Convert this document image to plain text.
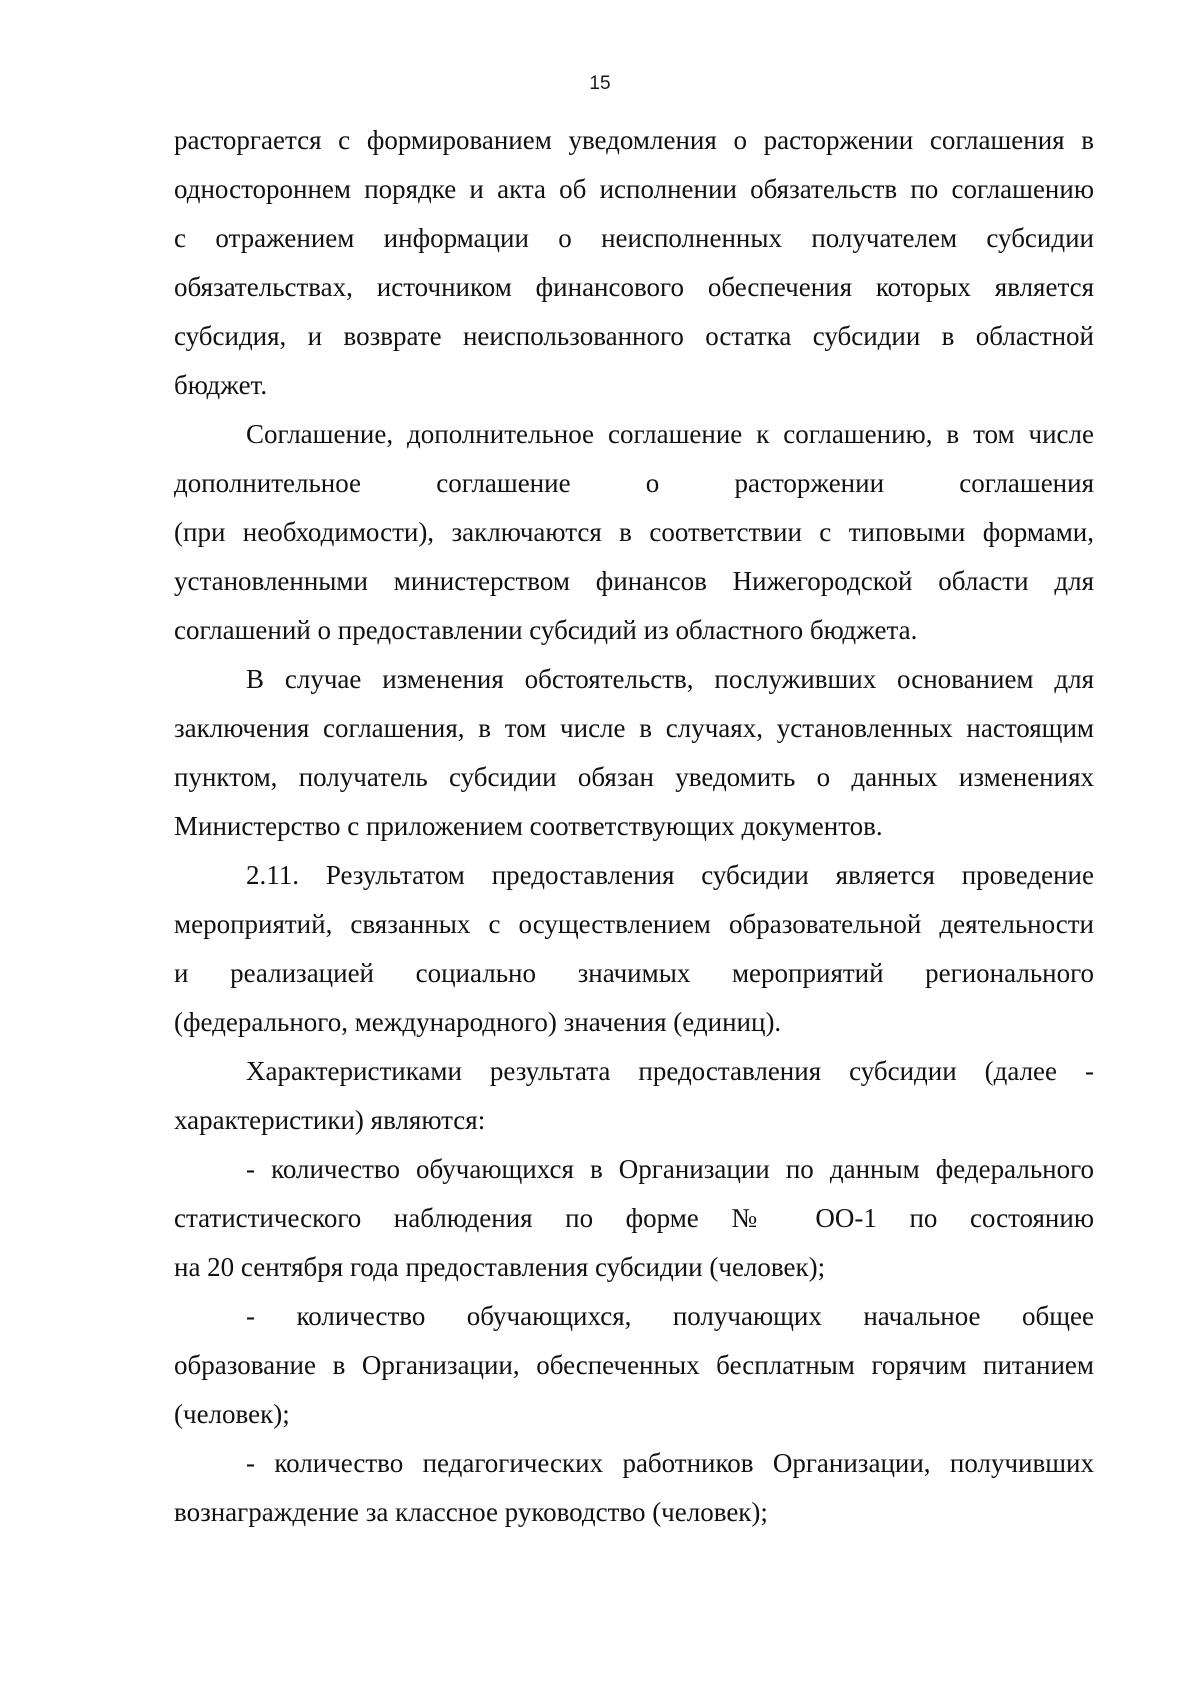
15
расторгается с формированием уведомления о расторжении соглашения в
одностороннем порядке и акта об исполнении обязательств по соглашению
с отражением информации о неисполненных получателем субсидии
обязательствах, источником финансового обеспечения которых является
субсидия, и возврате неиспользованного остатка субсидии в областной
бюджет.
Соглашение, дополнительное соглашение к соглашению, в том числе
дополнительное соглашение о расторжении соглашения
(при необходимости), заключаются в соответствии с типовыми формами,
установленными министерством финансов Нижегородской области для
соглашений о предоставлении субсидий из областного бюджета.
В случае изменения обстоятельств, послуживших основанием для
заключения соглашения, в том числе в случаях, установленных настоящим
пунктом, получатель субсидии обязан уведомить о данных изменениях
Министерство с приложением соответствующих документов.
2.11. Результатом предоставления субсидии является проведение
мероприятий, связанных с осуществлением образовательной деятельности
и реализацией социально значимых мероприятий регионального
(федерального, международного) значения (единиц).
Характеристиками результата предоставления субсидии (далее -
характеристики) являются:
- количество обучающихся в Организации по данным федерального
статистического наблюдения по форме № ОО-1 по состоянию
на 20 сентября года предоставления субсидии (человек);
- количество обучающихся, получающих начальное общее
образование в Организации, обеспеченных бесплатным горячим питанием
(человек);
- количество педагогических работников Организации, получивших
вознаграждение за классное руководство (человек);
